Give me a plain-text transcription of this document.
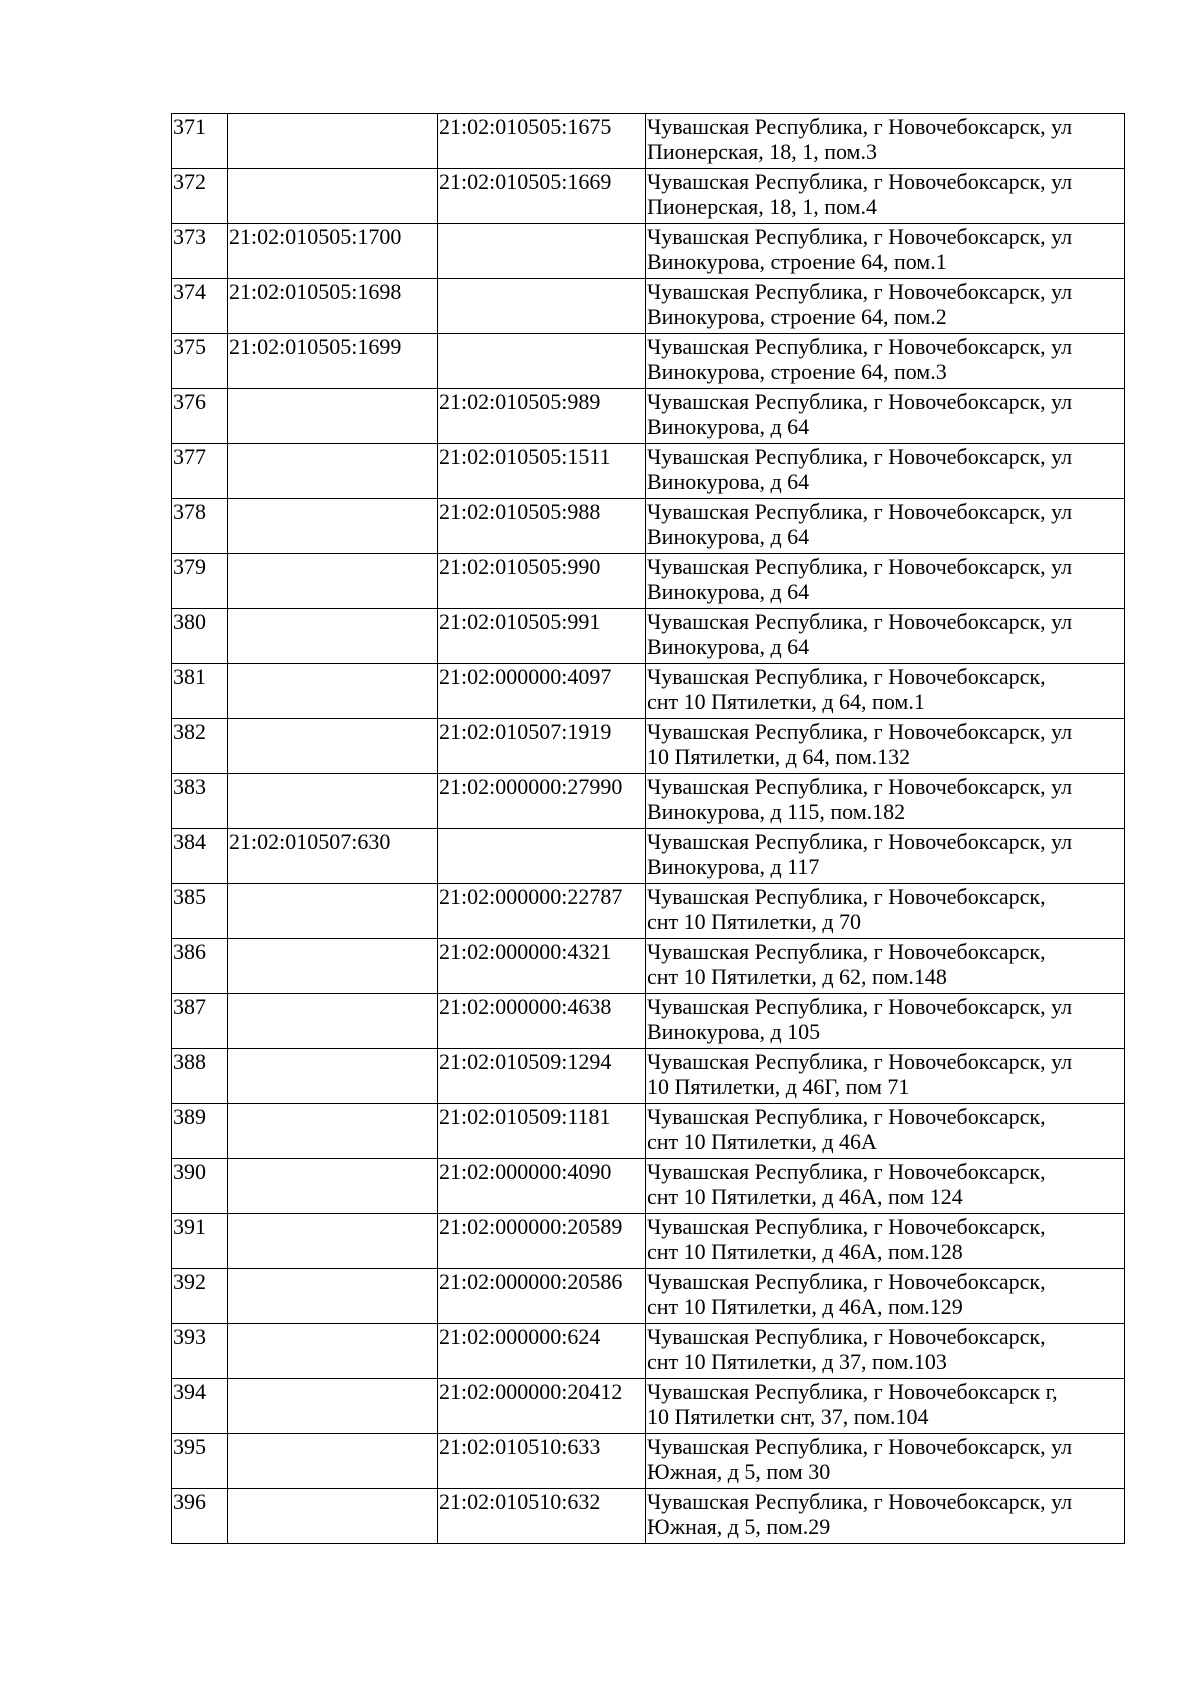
371		21:02:010505:1675	Чувашская Республика, г Новочебоксарск, ул
Пионерская, 18, 1, пом.3

372		21:02:010505:1669	Чувашская Республика, г Новочебоксарск, ул
Пионерская, 18, 1, пом.4

373	21:02:010505:1700		Чувашская Республика, г Новочебоксарск, ул
Винокурова, строение 64, пом.1

374	21:02:010505:1698		Чувашская Республика, г Новочебоксарск, ул
Винокурова, строение 64, пом.2

375	21:02:010505:1699		Чувашская Республика, г Новочебоксарск, ул
Винокурова, строение 64, пом.3

376		21:02:010505:989	Чувашская Республика, г Новочебоксарск, ул
Винокурова, д 64

377		21:02:010505:1511	Чувашская Республика, г Новочебоксарск, ул
Винокурова, д 64

378		21:02:010505:988	Чувашская Республика, г Новочебоксарск, ул
Винокурова, д 64

379		21:02:010505:990	Чувашская Республика, г Новочебоксарск, ул
Винокурова, д 64

380		21:02:010505:991	Чувашская Республика, г Новочебоксарск, ул
Винокурова, д 64

381		21:02:000000:4097	Чувашская Республика, г Новочебоксарск,
снт 10 Пятилетки, д 64, пом.1

382		21:02:010507:1919	Чувашская Республика, г Новочебоксарск, ул
10 Пятилетки, д 64, пом.132

383		21:02:000000:27990	Чувашская Республика, г Новочебоксарск, ул
Винокурова, д 115, пом.182

384	21:02:010507:630		Чувашская Республика, г Новочебоксарск, ул
Винокурова, д 117

385		21:02:000000:22787	Чувашская Республика, г Новочебоксарск,
снт 10 Пятилетки, д 70

386		21:02:000000:4321	Чувашская Республика, г Новочебоксарск,
снт 10 Пятилетки, д 62, пом.148

387		21:02:000000:4638	Чувашская Республика, г Новочебоксарск, ул
Винокурова, д 105

388		21:02:010509:1294	Чувашская Республика, г Новочебоксарск, ул
10 Пятилетки, д 46Г, пом 71

389		21:02:010509:1181	Чувашская Республика, г Новочебоксарск,
снт 10 Пятилетки, д 46А

390		21:02:000000:4090	Чувашская Республика, г Новочебоксарск,
снт 10 Пятилетки, д 46А, пом 124

391		21:02:000000:20589	Чувашская Республика, г Новочебоксарск,
снт 10 Пятилетки, д 46А, пом.128

392		21:02:000000:20586	Чувашская Республика, г Новочебоксарск,
снт 10 Пятилетки, д 46А, пом.129

393		21:02:000000:624	Чувашская Республика, г Новочебоксарск,
снт 10 Пятилетки, д 37, пом.103

394		21:02:000000:20412	Чувашская Республика, г Новочебоксарск г,
10 Пятилетки снт, 37, пом.104

395		21:02:010510:633	Чувашская Республика, г Новочебоксарск, ул
Южная, д 5, пом 30

396		21:02:010510:632	Чувашская Республика, г Новочебоксарск, ул
Южная, д 5, пом.29
